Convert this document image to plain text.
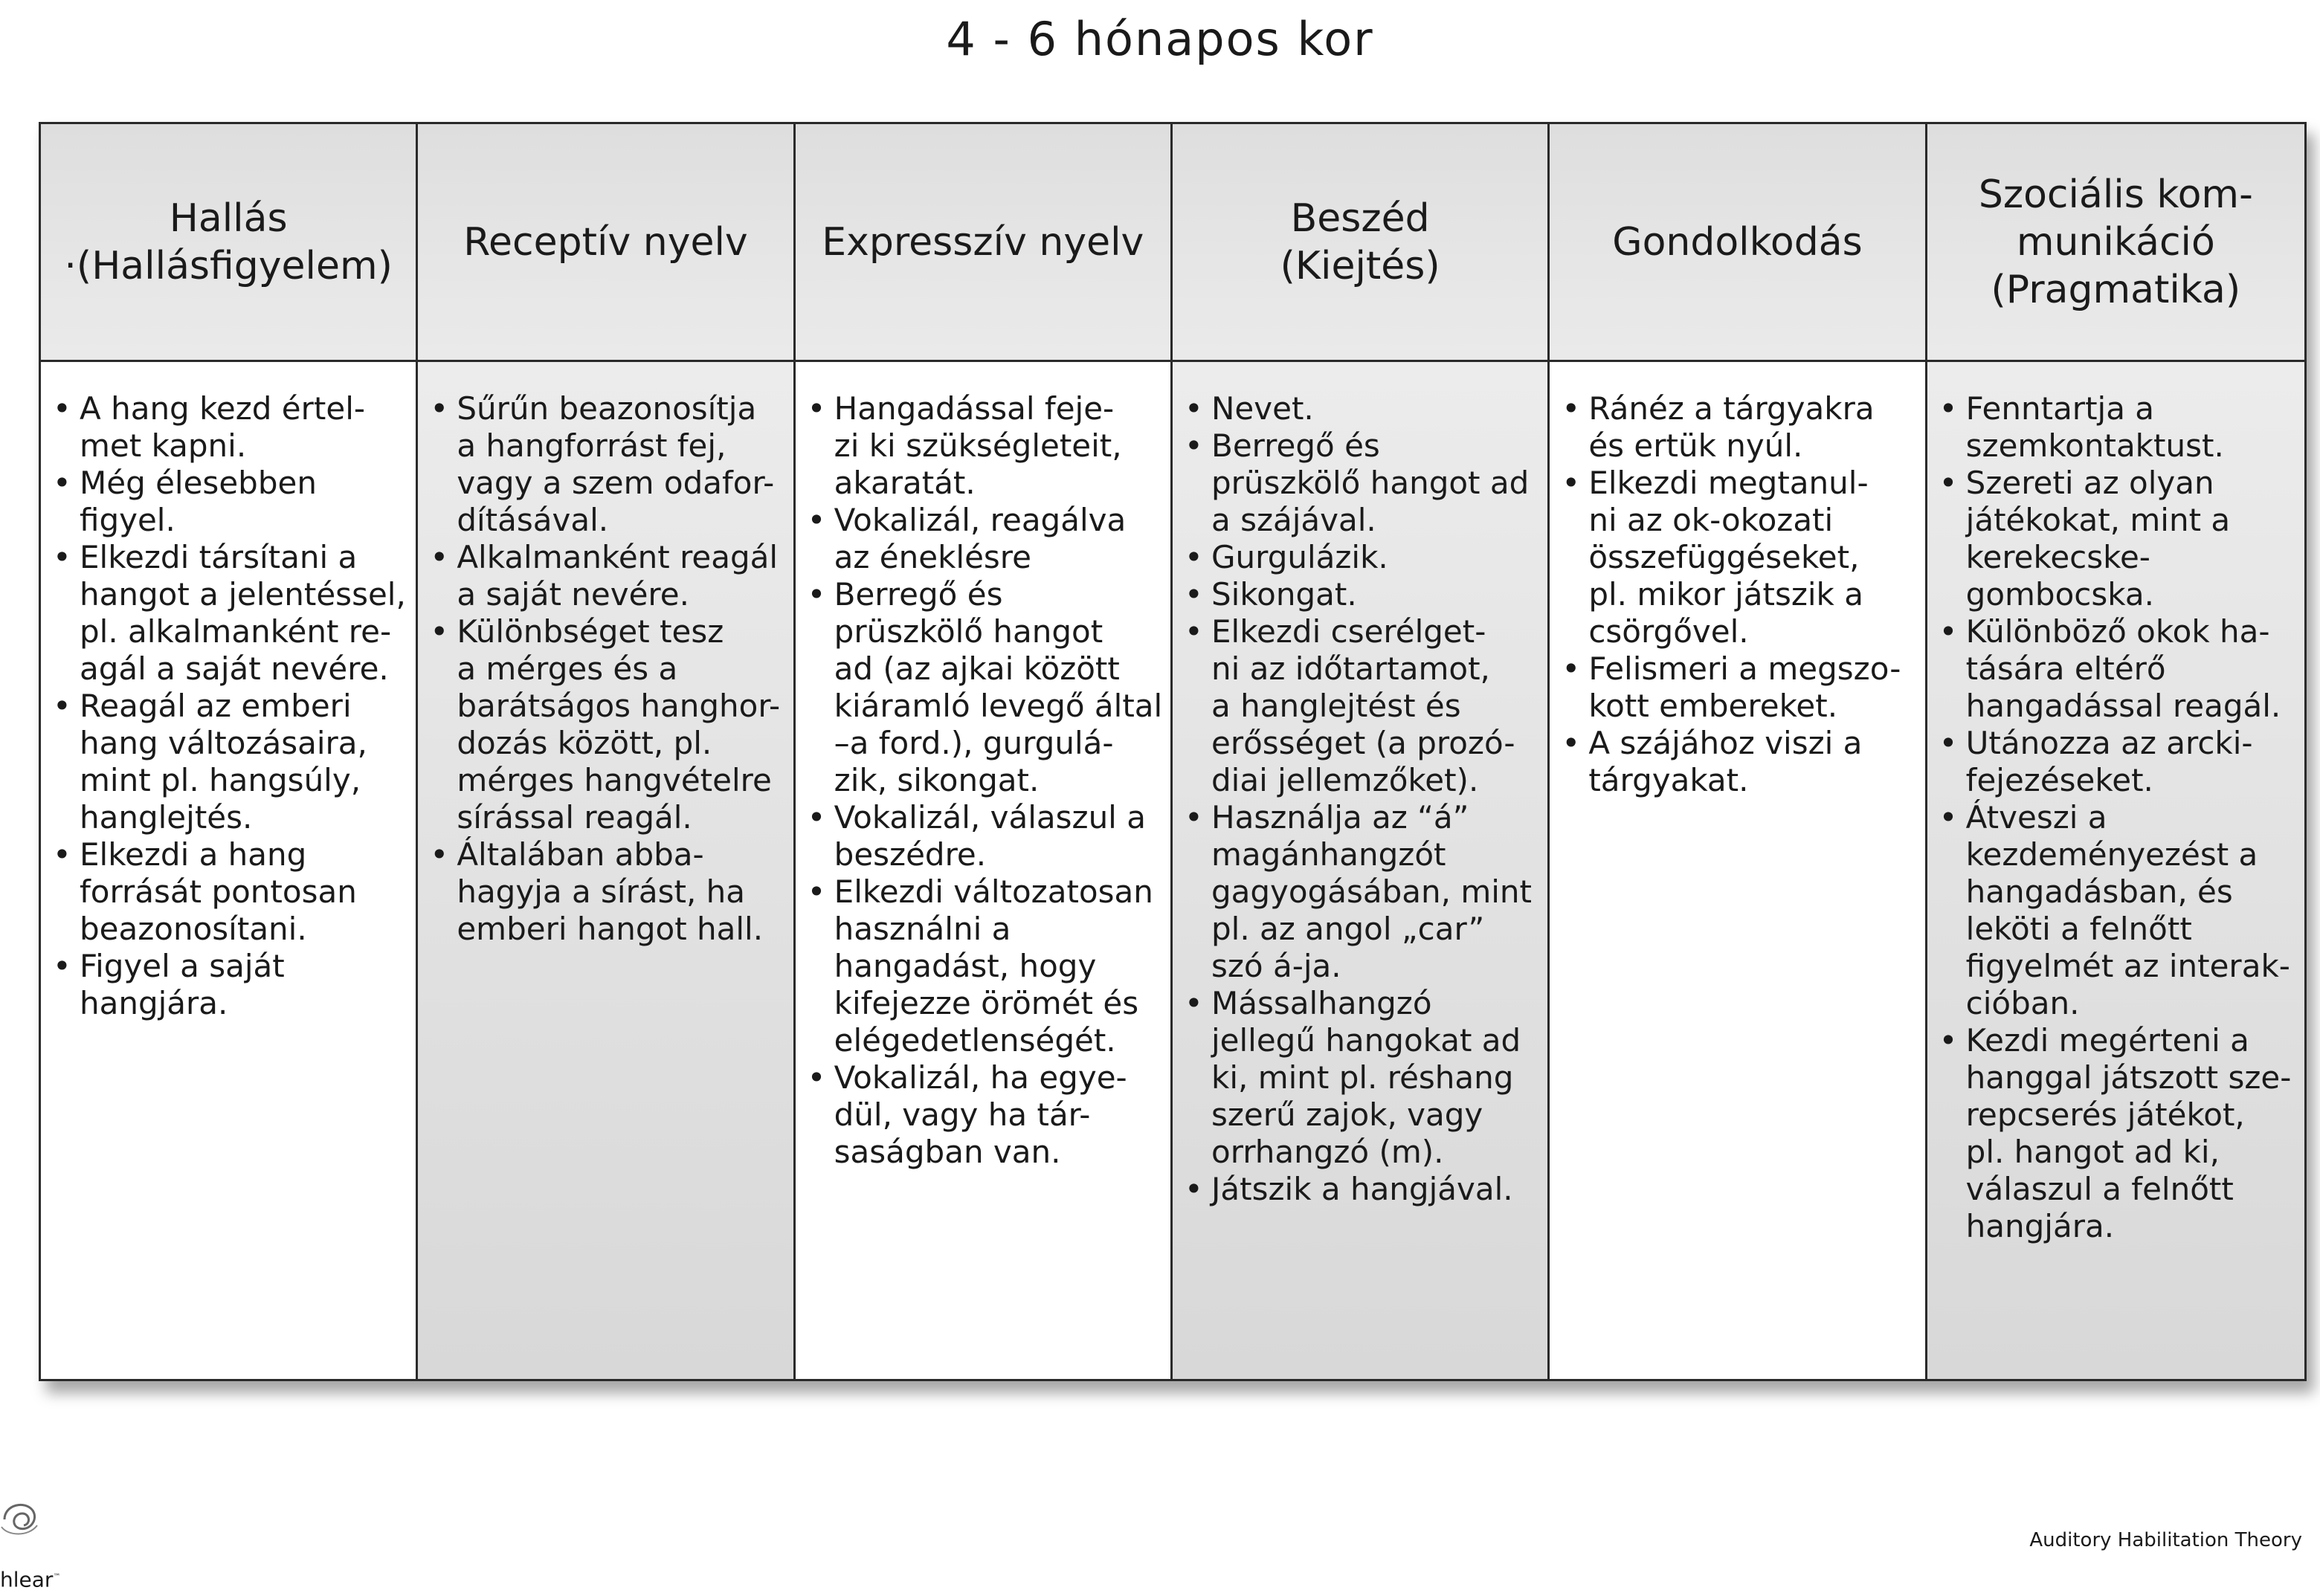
4 - 6 hónapos kor
Hallás
·(Hallásfigyelem)
Receptív nyelv	Expresszív nyelv
Beszéd
(Kiejtés)
Gondolkodás
Szociális kom-
munikáció
(Pragmatika)
• A hang kezd értel-
met kapni.
• Még élesebben
figyel.
• Elkezdi társítani a
hangot a jelentéssel,
pl. alkalmanként re-
agál a saját nevére.
• Reagál az emberi
hang változásaira,
mint pl. hangsúly,
hanglejtés.
• Elkezdi a hang
forrását pontosan
beazonosítani.
• Figyel a saját
hangjára.
• Sűrűn beazonosítja
a hangforrást fej,
vagy a szem odafor-
dításával.
• Alkalmanként reagál
a saját nevére.
• Különbséget tesz
a mérges és a
barátságos hanghor-
dozás között, pl.
mérges hangvételre
sírással reagál.
• Általában abba-
hagyja a sírást, ha
emberi hangot hall.
• Hangadással feje-
zi ki szükségleteit,
akaratát.
• Vokalizál, reagálva
az éneklésre
• Berregő és
prüszkölő hangot
ad (az ajkai között
kiáramló levegő által
–a ford.), gurgulá-
zik, sikongat.
• Vokalizál, válaszul a
beszédre.
• Elkezdi változatosan
használni a
hangadást, hogy
kifejezze örömét és
elégedetlenségét.
• Vokalizál, ha egye-
dül, vagy ha tár-
saságban van.
• Nevet.
• Berregő és
prüszkölő hangot ad
a szájával.
• Gurgulázik.
• Sikongat.
• Elkezdi cserélget-
ni az időtartamot,
a hanglejtést és
erősséget (a prozó-
diai jellemzőket).
• Használja az “á”
magánhangzót
gagyogásában, mint
pl. az angol „car”
szó á-ja.
• Mássalhangzó
jellegű hangokat ad
ki, mint pl. réshang
szerű zajok, vagy
orrhangzó (m).
• Játszik a hangjával.
• Ránéz a tárgyakra
és ertük nyúl.
• Elkezdi megtanul-
ni az ok-okozati
összefüggéseket,
pl. mikor játszik a
csörgővel.
• Felismeri a megszo-
kott embereket.
• A szájához viszi a
tárgyakat.
• Fenntartja a
szemkontaktust.
• Szereti az olyan
játékokat, mint a
kerekecske-
gombocska.
• Különböző okok ha-
tására eltérő
hangadással reagál.
• Utánozza az arcki-
fejezéseket.
• Átveszi a
kezdeményezést a
hangadásban, és
leköti a felnőtt
figyelmét az interak-
cióban.
• Kezdi megérteni a
hanggal játszott sze-
repcserés játékot,
pl. hangot ad ki,
válaszul a felnőtt
hangjára.
hlear™
Auditory Habilitation Theory
